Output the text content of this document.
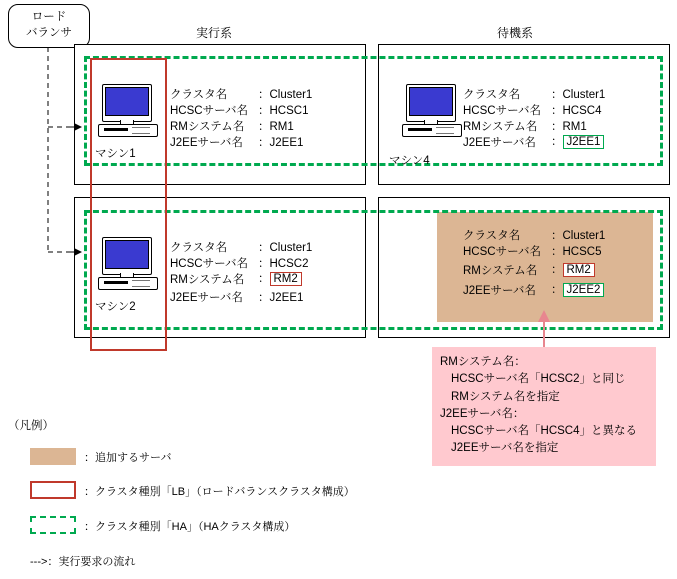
ロード
バランサ	実行系	待機系
マシン1
クラスタ名	：Cluster1
HCSCサーバ名 ：HCSC1
RMシステム名 ：RM1
J2EEサーバ名 ：J2EE1
マシン2
クラスタ名	：Cluster1
HCSCサーバ名 ：HCSC2
RMシステム名 ： RM2
J2EEサーバ名 ：J2EE1
マシン4
クラスタ名	：Cluster1
HCSCサーバ名 ：HCSC4
RMシステム名 ：RM1
J2EEサーバ名 ： J2EE1
クラスタ名	：Cluster1
HCSCサーバ名 ：HCSC5
RMシステム名 ： RM2
J2EEサーバ名 ： J2EE2
RMシステム名：
HCSCサーバ名「HCSC2」と同じ
RMシステム名を指定
J2EEサーバ名：
HCSCサーバ名「HCSC4」と異なる
J2EEサーバ名を指定
（凡例）
：追加するサーバ
：クラスタ種別「LB」（ロードバランスクラスタ構成）
：クラスタ種別「HA」（HAクラスタ構成）
--->：実行要求の流れ
